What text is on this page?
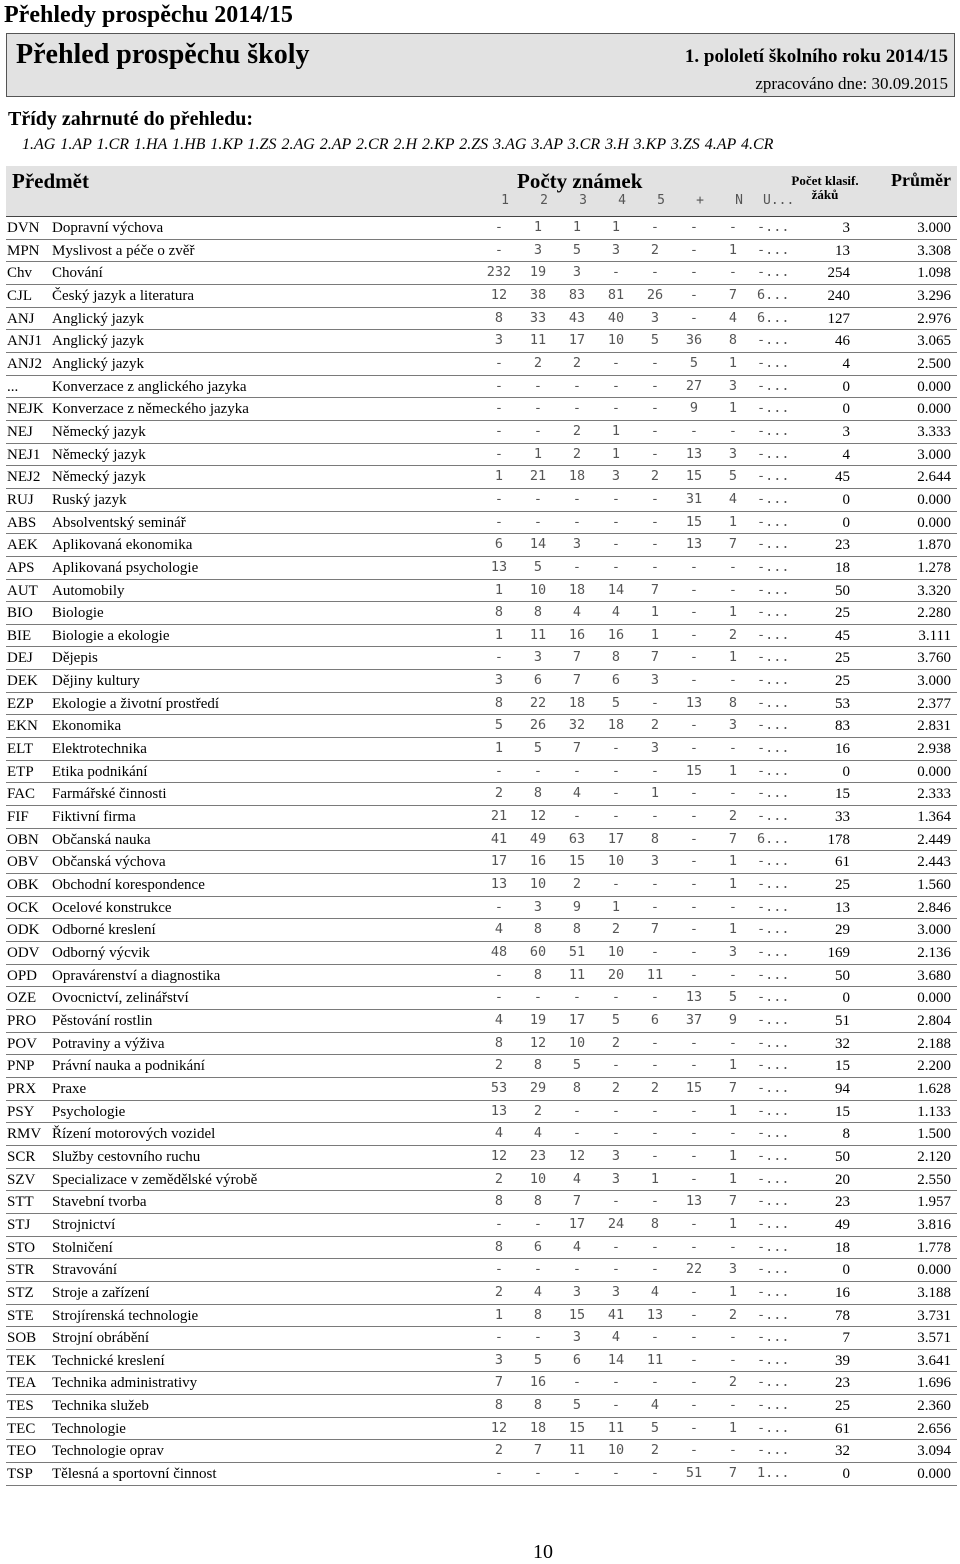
Přehledy prospěchu 2014/15
Přehled prospěchu školy	1. pololetí školního roku 2014/15
zpracováno dne: 30.09.2015
Třídy zahrnuté do přehledu:
1.AG 1.AP 1.CR 1.HA 1.HB 1.KP 1.ZS 2.AG 2.AP 2.CR 2.H 2.KP 2.ZS 3.AG 3.AP 3.CR 3.H 3.KP 3.ZS 4.AP 4.CR
Předmět	Počty známek
1	2	3	4	5	+	N	U...
Počet klasif. žáků
Průměr
DVN Dopravní výchova	-	1	1	1	-	-	-	-...	3	3.000
MPN Myslivost a péče o zvěř	-	3	5	3	2	-	1	-...	13	3.308
Chv Chování	232	19	3	-	-	-	-	-...	254	1.098
CJL Český jazyk a literatura	12	38	83	81	26	-	7	6...	240	3.296
ANJ Anglický jazyk	8	33	43	40	3	-	4	6...	127	2.976
ANJ1 Anglický jazyk	3	11	17	10	5	36	8	-...	46	3.065
ANJ2 Anglický jazyk	-	2	2	-	-	5	1	-...	4	2.500
... Konverzace z anglického jazyka	-	-	-	-	-	27	3	-...	0	0.000
NEJK Konverzace z německého jazyka	-	-	-	-	-	9	1	-...	0	0.000
NEJ Německý jazyk	-	-	2	1	-	-	-	-...	3	3.333
NEJ1 Německý jazyk	-	1	2	1	-	13	3	-...	4	3.000
NEJ2 Německý jazyk	1	21	18	3	2	15	5	-...	45	2.644
RUJ Ruský jazyk	-	-	-	-	-	31	4	-...	0	0.000
ABS Absolventský seminář	-	-	-	-	-	15	1	-...	0	0.000
AEK Aplikovaná ekonomika	6	14	3	-	-	13	7	-...	23	1.870
APS Aplikovaná psychologie	13	5	-	-	-	-	-	-...	18	1.278
AUT Automobily	1	10	18	14	7	-	-	-...	50	3.320
BIO Biologie	8	8	4	4	1	-	1	-...	25	2.280
BIE Biologie a ekologie	1	11	16	16	1	-	2	-...	45	3.111
DEJ Dějepis	-	3	7	8	7	-	1	-...	25	3.760
DEK Dějiny kultury	3	6	7	6	3	-	-	-...	25	3.000
EZP Ekologie a životní prostředí	8	22	18	5	-	13	8	-...	53	2.377
EKN Ekonomika	5	26	32	18	2	-	3	-...	83	2.831
ELT Elektrotechnika	1	5	7	-	3	-	-	-...	16	2.938
ETP Etika podnikání	-	-	-	-	-	15	1	-...	0	0.000
FAC Farmářské činnosti	2	8	4	-	1	-	-	-...	15	2.333
FIF Fiktivní firma	21	12	-	-	-	-	2	-...	33	1.364
OBN Občanská nauka	41	49	63	17	8	-	7	6...	178	2.449
OBV Občanská výchova	17	16	15	10	3	-	1	-...	61	2.443
OBK Obchodní korespondence	13	10	2	-	-	-	1	-...	25	1.560
OCK Ocelové konstrukce	-	3	9	1	-	-	-	-...	13	2.846
ODK Odborné kreslení	4	8	8	2	7	-	1	-...	29	3.000
ODV Odborný výcvik	48	60	51	10	-	-	3	-...	169	2.136
OPD Opravárenství a diagnostika	-	8	11	20	11	-	-	-...	50	3.680
OZE Ovocnictví, zelinářství	-	-	-	-	-	13	5	-...	0	0.000
PRO Pěstování rostlin	4	19	17	5	6	37	9	-...	51	2.804
POV Potraviny a výživa	8	12	10	2	-	-	-	-...	32	2.188
PNP Právní nauka a podnikání	2	8	5	-	-	-	1	-...	15	2.200
PRX Praxe	53	29	8	2	2	15	7	-...	94	1.628
PSY Psychologie	13	2	-	-	-	-	1	-...	15	1.133
RMV Řízení motorových vozidel	4	4	-	-	-	-	-	-...	8	1.500
SCR Služby cestovního ruchu	12	23	12	3	-	-	1	-...	50	2.120
SZV Specializace v zemědělské výrobě	2	10	4	3	1	-	1	-...	20	2.550
STT Stavební tvorba	8	8	7	-	-	13	7	-...	23	1.957
STJ Strojnictví	-	-	17	24	8	-	1	-...	49	3.816
STO Stolničení	8	6	4	-	-	-	-	-...	18	1.778
STR Stravování	-	-	-	-	-	22	3	-...	0	0.000
STZ Stroje a zařízení	2	4	3	3	4	-	1	-...	16	3.188
STE Strojírenská technologie	1	8	15	41	13	-	2	-...	78	3.731
SOB Strojní obrábění	-	-	3	4	-	-	-	-...	7	3.571
TEK Technické kreslení	3	5	6	14	11	-	-	-...	39	3.641
TEA Technika administrativy	7	16	-	-	-	-	2	-...	23	1.696
TES Technika služeb	8	8	5	-	4	-	-	-...	25	2.360
TEC Technologie	12	18	15	11	5	-	1	-...	61	2.656
TEO Technologie oprav	2	7	11	10	2	-	-	-...	32	3.094
TSP Tělesná a sportovní činnost	-	-	-	-	-	51	7	1...	0	0.000
10
